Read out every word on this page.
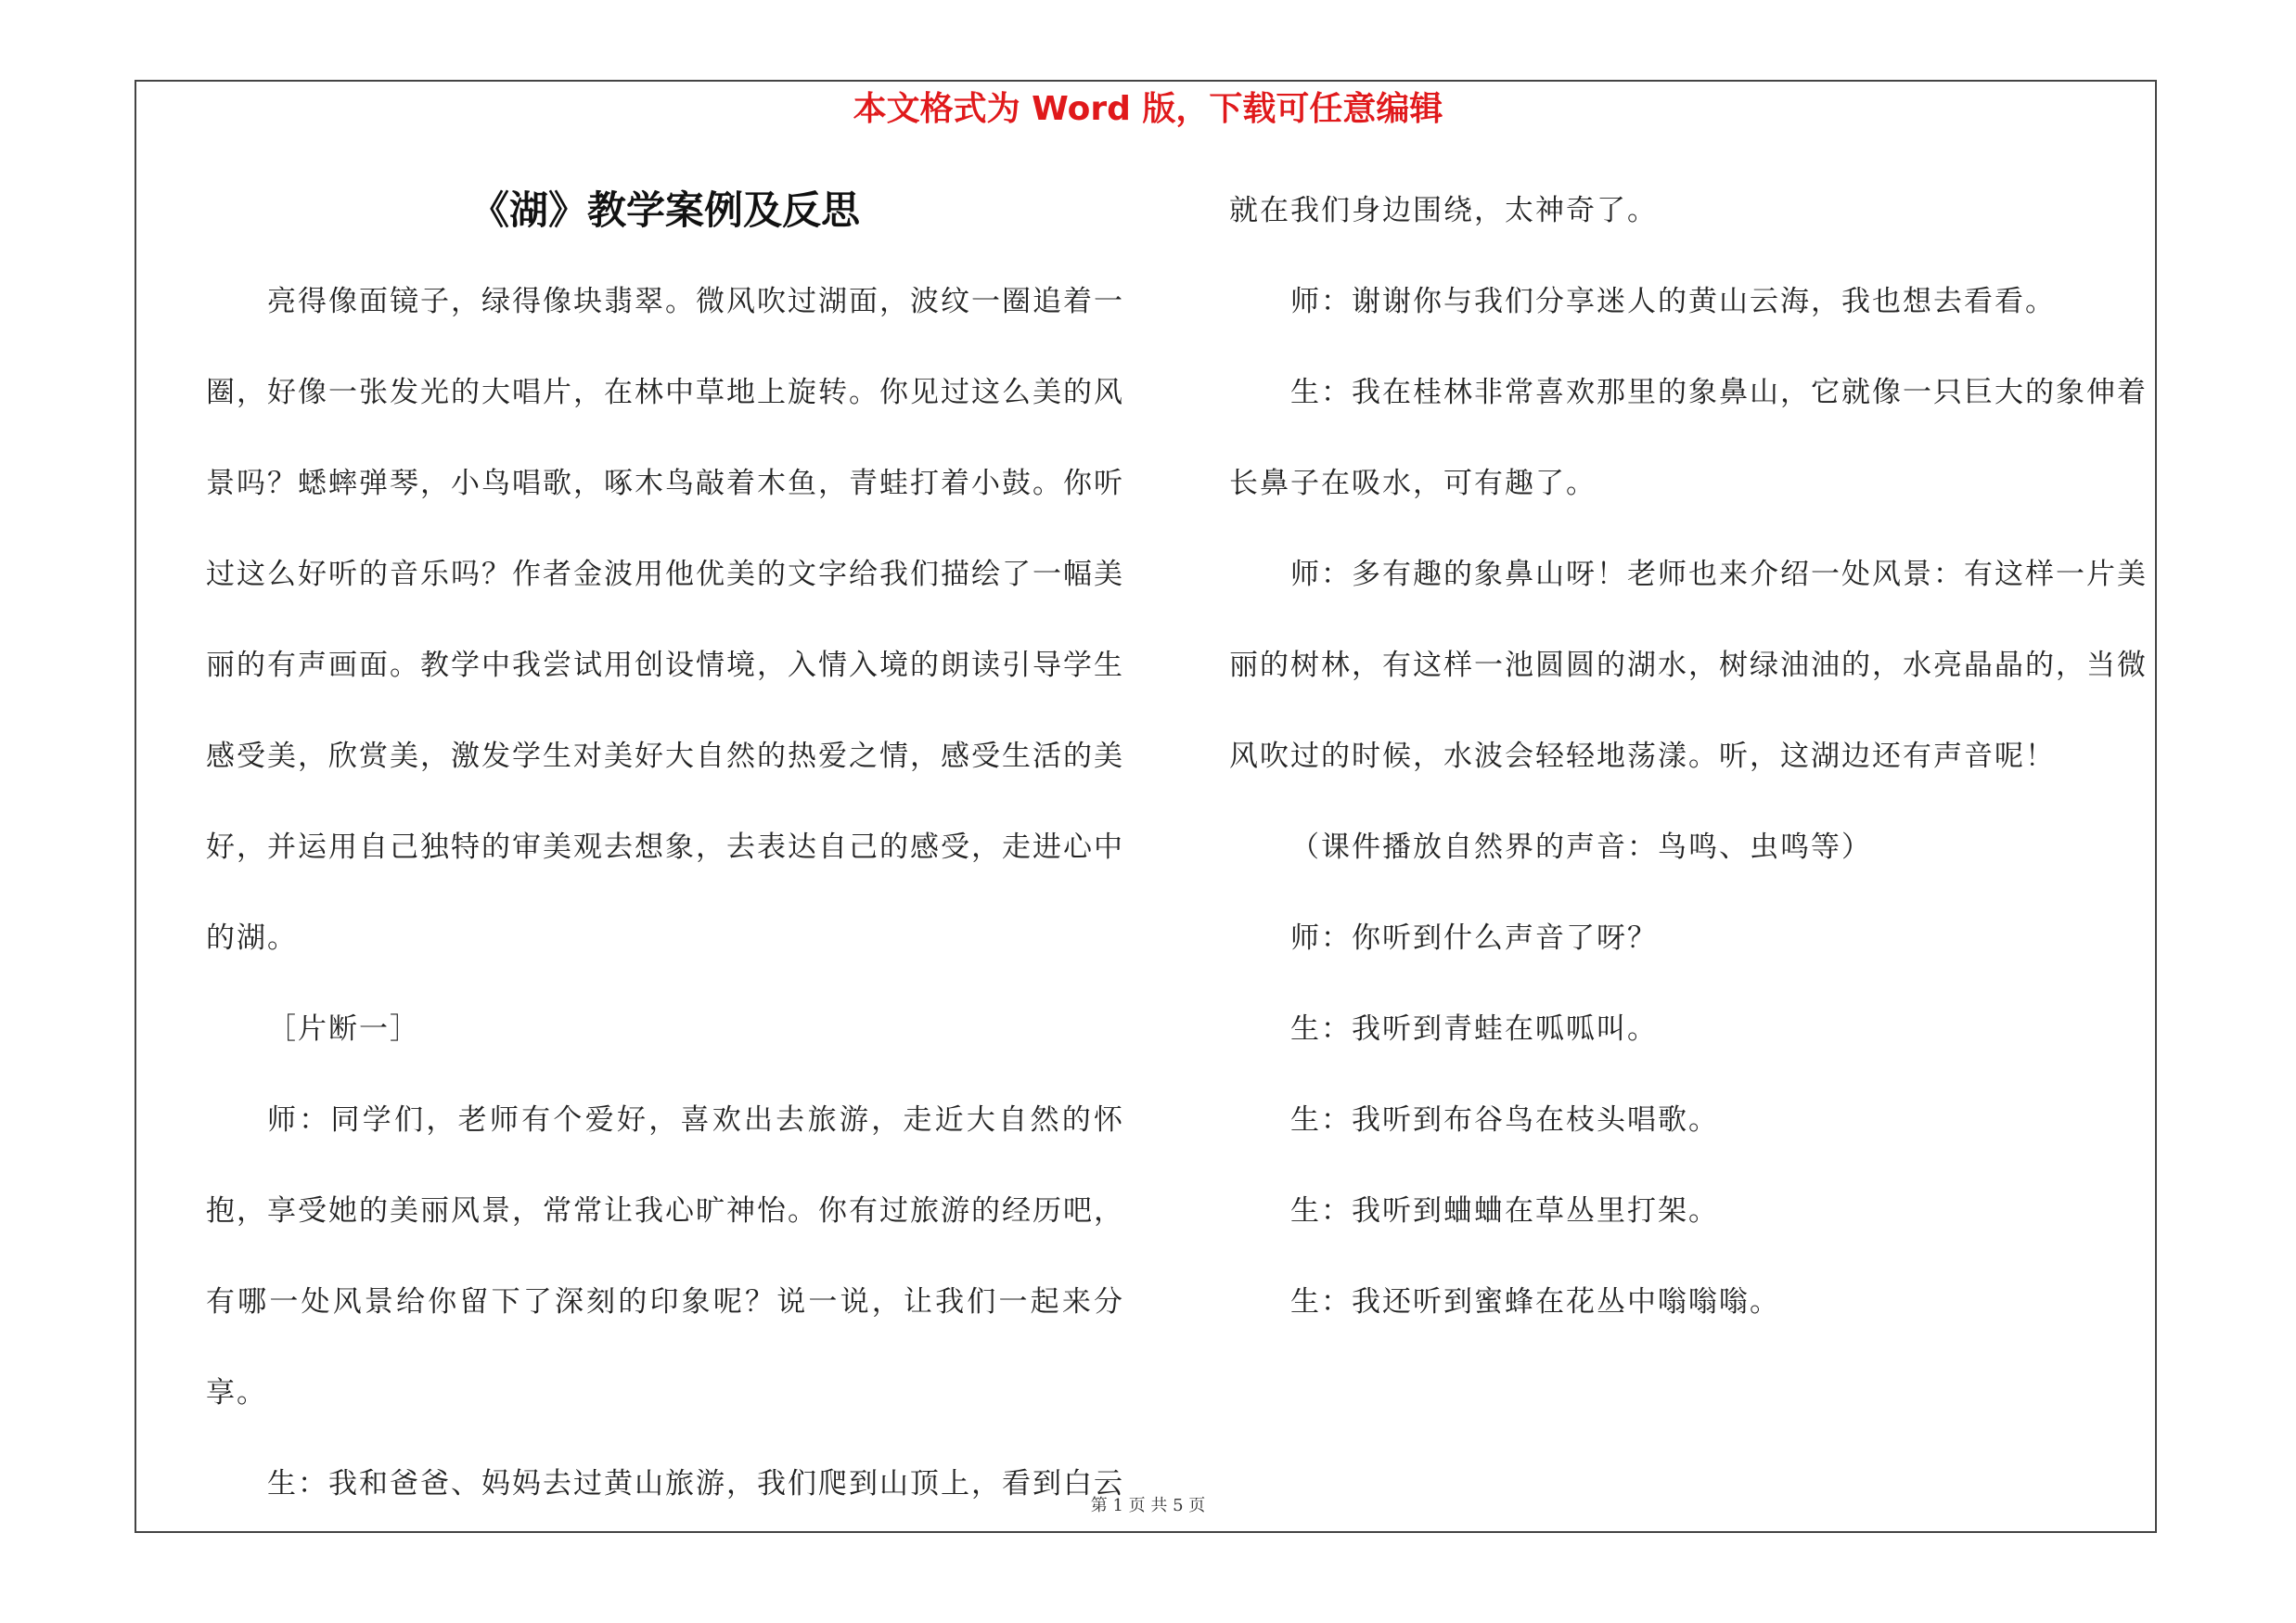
本文格式为 Word 版，下载可任意编辑
《湖》教学案例及反思

亮得像面镜子，绿得像块翡翠。微风吹过湖面，波纹一圈追着一圈，好像一张发光的大唱片，在林中草地上旋转。你见过这么美的风景吗？蟋蟀弹琴，小鸟唱歌，啄木鸟敲着木鱼，青蛙打着小鼓。你听过这么好听的音乐吗？作者金波用他优美的文字给我们描绘了一幅美丽的有声画面。教学中我尝试用创设情境，入情入境的朗读引导学生感受美，欣赏美，激发学生对美好大自然的热爱之情，感受生活的美好，并运用自己独特的审美观去想象，去表达自己的感受，走进心中的湖。

［片断一］

师：同学们，老师有个爱好，喜欢出去旅游，走近大自然的怀抱，享受她的美丽风景，常常让我心旷神怡。你有过旅游的经历吧，有哪一处风景给你留下了深刻的印象呢？说一说，让我们一起来分享。

生：我和爸爸、妈妈去过黄山旅游，我们爬到山顶上，看到白云

就在我们身边围绕，太神奇了。

师：谢谢你与我们分享迷人的黄山云海，我也想去看看。

生：我在桂林非常喜欢那里的象鼻山，它就像一只巨大的象伸着长鼻子在吸水，可有趣了。

师：多有趣的象鼻山呀！老师也来介绍一处风景：有这样一片美丽的树林，有这样一池圆圆的湖水，树绿油油的，水亮晶晶的，当微风吹过的时候，水波会轻轻地荡漾。听，这湖边还有声音呢！

（课件播放自然界的声音：鸟鸣、虫鸣等）

师：你听到什么声音了呀？

生：我听到青蛙在呱呱叫。

生：我听到布谷鸟在枝头唱歌。

生：我听到蛐蛐在草丛里打架。

生：我还听到蜜蜂在花丛中嗡嗡嗡。

第 1 页 共 5 页
